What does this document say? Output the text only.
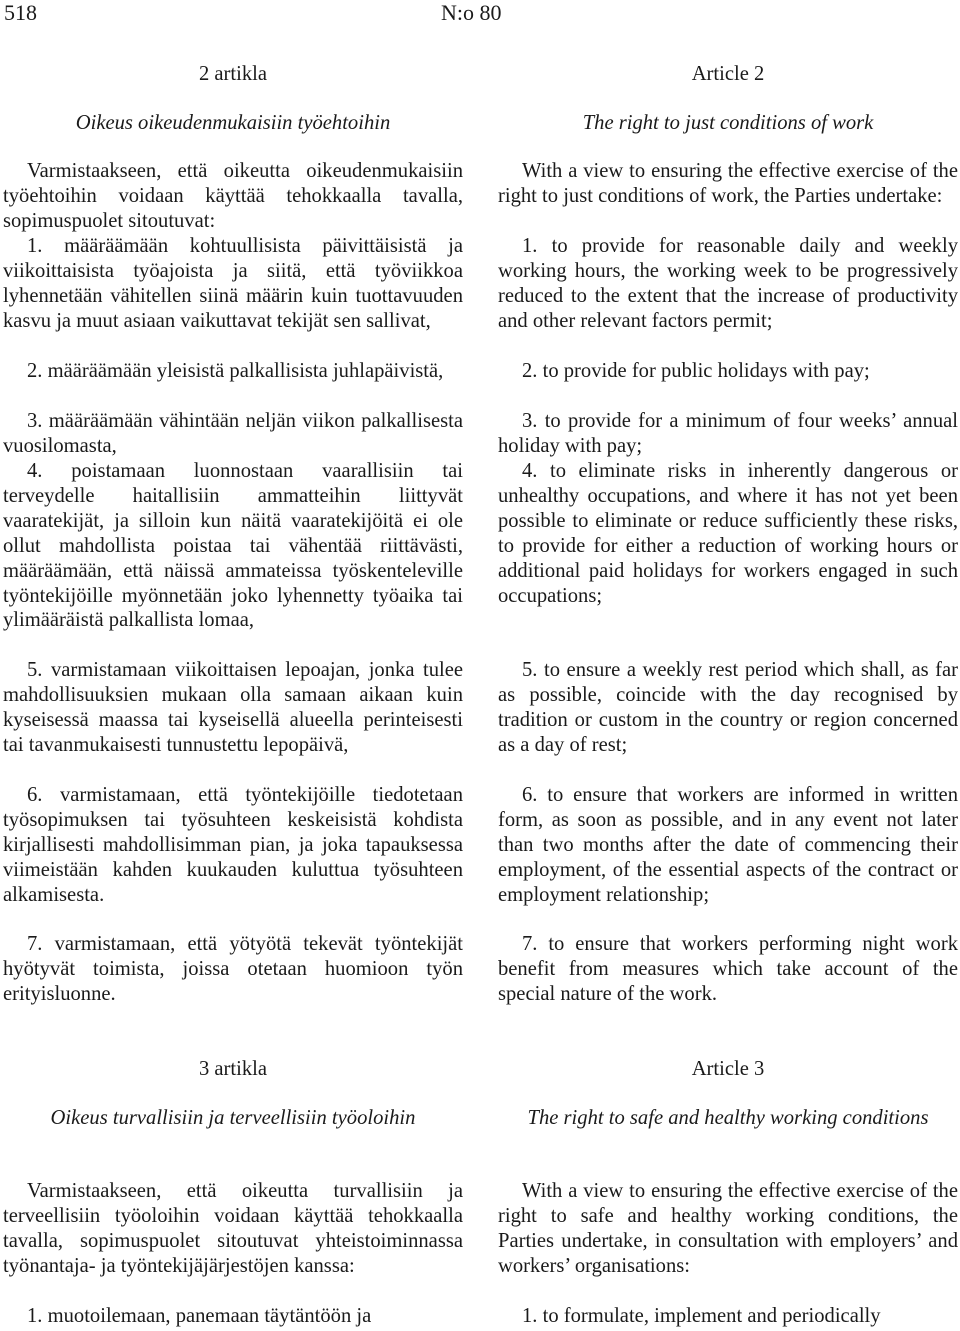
518	N:o 80

2 artikla

Oikeus oikeudenmukaisiin työehtoihin

Varmistaakseen, että oikeutta oikeudenmukaisiin työehtoihin voidaan käyttää tehokkaalla tavalla, sopimuspuolet sitoutuvat:

1. määräämään kohtuullisista päivittäisistä ja viikoittaisista työajoista ja siitä, että työviikkoa lyhennetään vähitellen siinä määrin kuin tuottavuuden kasvu ja muut asiaan vaikuttavat tekijät sen sallivat,

2. määräämään yleisistä palkallisista juhlapäivistä,

3. määräämään vähintään neljän viikon palkallisesta vuosilomasta,

4. poistamaan luonnostaan vaarallisiin tai terveydelle haitallisiin ammatteihin liittyvät vaaratekijät, ja silloin kun näitä vaaratekijöitä ei ole ollut mahdollista poistaa tai vähentää riittävästi, määräämään, että näissä ammateissa työskenteleville työntekijöille myönnetään joko lyhennetty työaika tai ylimääräistä palkallista lomaa,

5. varmistamaan viikoittaisen lepoajan, jonka tulee mahdollisuuksien mukaan olla samaan aikaan kuin kyseisessä maassa tai kyseisellä alueella perinteisesti tai tavanmukaisesti tunnustettu lepopäivä,

6. varmistamaan, että työntekijöille tiedotetaan työsopimuksen tai työsuhteen keskeisistä kohdista kirjallisesti mahdollisimman pian, ja joka tapauksessa viimeistään kahden kuukauden kuluttua työsuhteen alkamisesta.

7. varmistamaan, että yötyötä tekevät työntekijät hyötyvät toimista, joissa otetaan huomioon työn erityisluonne.

Article 2

The right to just conditions of work

With a view to ensuring the effective exercise of the right to just conditions of work, the Parties undertake:

1. to provide for reasonable daily and weekly working hours, the working week to be progressively reduced to the extent that the increase of productivity and other relevant factors permit;

2. to provide for public holidays with pay;

3. to provide for a minimum of four weeks’ annual holiday with pay;

4. to eliminate risks in inherently dangerous or unhealthy occupations, and where it has not yet been possible to eliminate or reduce sufficiently these risks, to provide for either a reduction of working hours or additional paid holidays for workers engaged in such occupations;

5. to ensure a weekly rest period which shall, as far as possible, coincide with the day recognised by tradition or custom in the country or region concerned as a day of rest;

6. to ensure that workers are informed in written form, as soon as possible, and in any event not later than two months after the date of commencing their employment, of the essential aspects of the contract or employment relationship;

7. to ensure that workers performing night work benefit from measures which take account of the special nature of the work.

3 artikla

Oikeus turvallisiin ja terveellisiin työoloihin

Varmistaakseen, että oikeutta turvallisiin ja terveellisiin työoloihin voidaan käyttää tehokkaalla tavalla, sopimuspuolet sitoutuvat yhteistoiminnassa työnantaja- ja työntekijäjärjestöjen kanssa:

1. muotoilemaan, panemaan täytäntöön ja

Article 3

The right to safe and healthy working conditions

With a view to ensuring the effective exercise of the right to safe and healthy working conditions, the Parties undertake, in consultation with employers’ and workers’ organisations:

1. to formulate, implement and periodically
